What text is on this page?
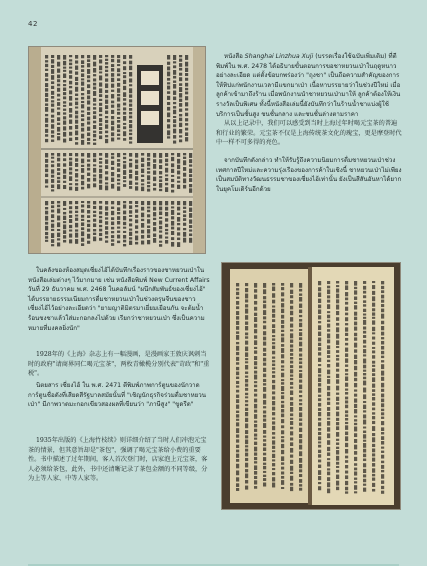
42

หนังสือ Shanghai Linzhua Xuji (บรรดเรื่องใช้ฉบับเพิ่มเติม) ที่ตีพิมพ์ใน พ.ศ. 2478 ได้อธิบายขั้นตอนการขอชาหยวนเป่าในฤดูหนาวอย่างละเอียด แต่ตั้งข้อบกพร่องว่า "ถุงชา" เป็นถือความสำคัญของการให้ทิปแก่พนักงานเวลามีแขกมาเป่า เนื้อหาบรรยายว่าในช่วงปีใหม่ เมื่อลูกค้าเข้ามาถึงร้าน เมื่อพนักงานนำชาหยวนเป่ามาให้ ลูกค้าต้องให้เงินรางวัลเป็นพิเศษ ทั้งนี้หนังสือเล่มนี้ยังบันทึกว่าในร้านน้ำชาแบ่งผู้ใช้บริการเป็นชั้นสูง ชนชั้นกลาง และชนชั้นล่างตามราคา

从以上记录中，我们可以感受到当时上海过年时喝元宝茶的普遍和行业的繁荣。元宝茶不仅是上海传统茶文化的瑰宝，更是摩登时代中一样不可多得的亮色。

จากบันทึกดังกล่าว ทำให้รับรู้ถึงความนิยมการดื่มชาหยวนเป่าช่วงเทศกาลปีใหม่และความรุ่งเรืองของการค้าในเชิงนี้ ชาหยวนเป่าไม่เพียงเป็นสมบัติทางวัฒนธรรมชาของเซี่ยงไฮ้เท่านั้น ยังเป็นสีสันอันหาได้ยากในยุคโมเดิร์นอีกด้วย

ในคลังของห้องสมุดเซี่ยงไฮ้ได้บันทึกเรื่องราวของชาหยวนเป่าในหนังสือเล่มต่างๆ ไว้มากมาย เช่น หนังสือพิมพ์ New Current Affairs วันที่ 29 ธันวาคม พ.ศ. 2468 ในคอลัมน์ "ผนึกสัมพันธ์ของเซี่ยงไฮ้" ได้บรรยายธรรมเนียมการดื่มชาหยวนเป่าในช่วงตรุษจีนของชาวเซี่ยงไฮ้ไว้อย่างละเอียดว่า "ยามญาติมิตรมาเยี่ยมเยือนกัน จะต้มน้ำร้อนชงชาแล้วใส่มะกอกลงไปด้วย เรียกว่าชาหยวนเป่า ซึ่งเป็นความหมายที่มงคลยิ่งนัก"

1928年的《上海》杂志上有一幅漫画，是漫画家王敦庆讽刺当时的政府"请商界同仁喝元宝茶"，两枚青橄榄分别代表"苛政"和"重税"。

นิตยสาร เซี่ยงไฮ้ ใน พ.ศ. 2471 ตีพิมพ์ภาพการ์ตูนของนักวาดการ์ตูนชื่อดังที่เสียดสีรัฐบาลสมัยนั้นที่ "เชิญนักธุรกิจร่วมดื่มชาหยวนเป่า" มีภาพวาดมะกอกเขียวสองผลที่เขียนว่า "ภาษีสูง" "ขูดรีด"

1935年出版的《上海竹枝续》则详细介绍了当时人们冲泡元宝茶的情景，但其意旨却是"茶包"，强调了喝元宝茶给小费的重要性。书中描述了过年期间，客人首次登门时，店家泡上元宝茶，客人必须给茶包，此外，书中还清晰记录了茶包金额的不同等级，分为上等人家、中等人家等。
